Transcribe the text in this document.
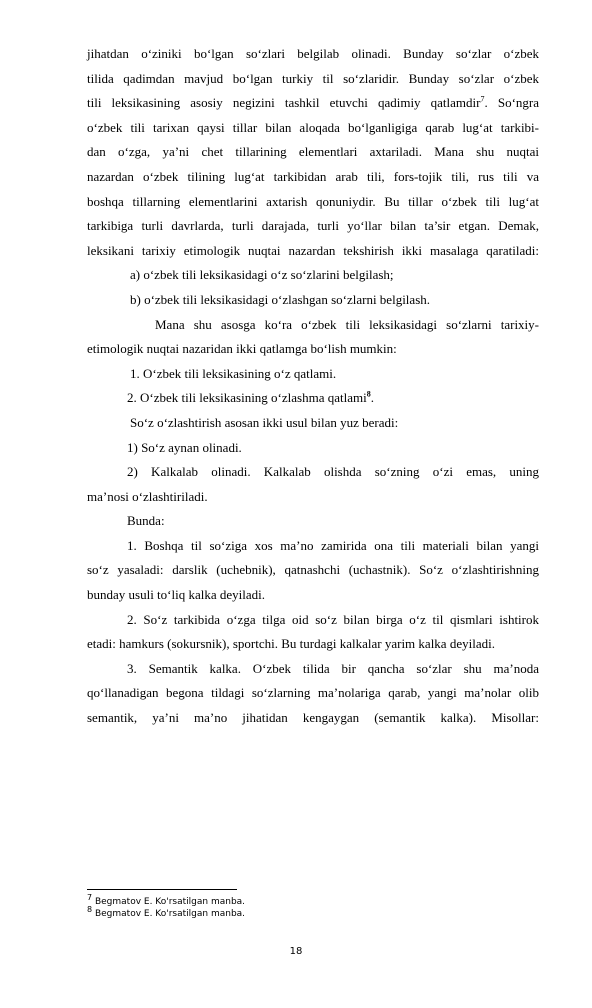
jihatdan o‘ziniki bo‘lgan so‘zlari belgilab olinadi. Bunday so‘zlar o‘zbek

tilida qadimdan mavjud bo‘lgan turkiy til so‘zlaridir. Bunday so‘zlar o‘zbek

tili leksikasining asosiy negizini tashkil etuvchi qadimiy qatlamdir$^7$. So‘ngra

o‘zbek tili tarixan qaysi tillar bilan aloqada bo‘lganligiga qarab lug‘at tarkibi-

dan o‘zga, ya’ni chet tillarining elementlari axtariladi. Mana shu nuqtai

nazardan o‘zbek tilining lug‘at tarkibidan arab tili, fors-tojik tili, rus tili va

boshqa tillarning elementlarini axtarish qonuniydir. Bu tillar o‘zbek tili lug‘at

tarkibiga turli davrlarda, turli darajada, turli yo‘llar bilan ta’sir etgan. Demak,

leksikani tarixiy etimologik nuqtai nazardan tekshirish ikki masalaga qaratiladi:

a) o‘zbek tili leksikasidagi o‘z so‘zlarini belgilash;

b) o‘zbek tili leksikasidagi o‘zlashgan so‘zlarni belgilash.

Mana shu asosga ko‘ra o‘zbek tili leksikasidagi so‘zlarni tarixiy-

etimologik nuqtai nazaridan ikki qatlamga bo‘lish mumkin:

1. O‘zbek tili leksikasining o‘z qatlami.

2. O‘zbek tili leksikasining o‘zlashma qatlami$^8$.

So‘z o‘zlashtirish asosan ikki usul bilan yuz beradi:

1) So‘z aynan olinadi.

2) Kalkalab olinadi. Kalkalab olishda so‘zning o‘zi emas, uning

ma’nosi o‘zlashtiriladi.

Bunda:

1. Boshqa til so‘ziga xos ma’no zamirida ona tili materiali bilan yangi

so‘z yasaladi: darslik (uchebnik), qatnashchi (uchastnik). So‘z o‘zlashtirishning

bunday usuli to‘liq kalka deyiladi.

2. So‘z tarkibida o‘zga tilga oid so‘z bilan birga o‘z til qismlari ishtirok

etadi: hamkurs (sokursnik), sportchi. Bu turdagi kalkalar yarim kalka deyiladi.

3. Semantik kalka. O‘zbek tilida bir qancha so‘zlar shu ma’noda

qo‘llanadigan begona tildagi so‘zlarning ma’nolariga qarab, yangi ma’nolar olib

semantik, ya’ni ma’no jihatidan kengaygan (semantik kalka). Misollar:

$^7$ Begmatov E. Ko'rsatilgan manba.
$^8$ Begmatov E. Ko'rsatilgan manba.
18
